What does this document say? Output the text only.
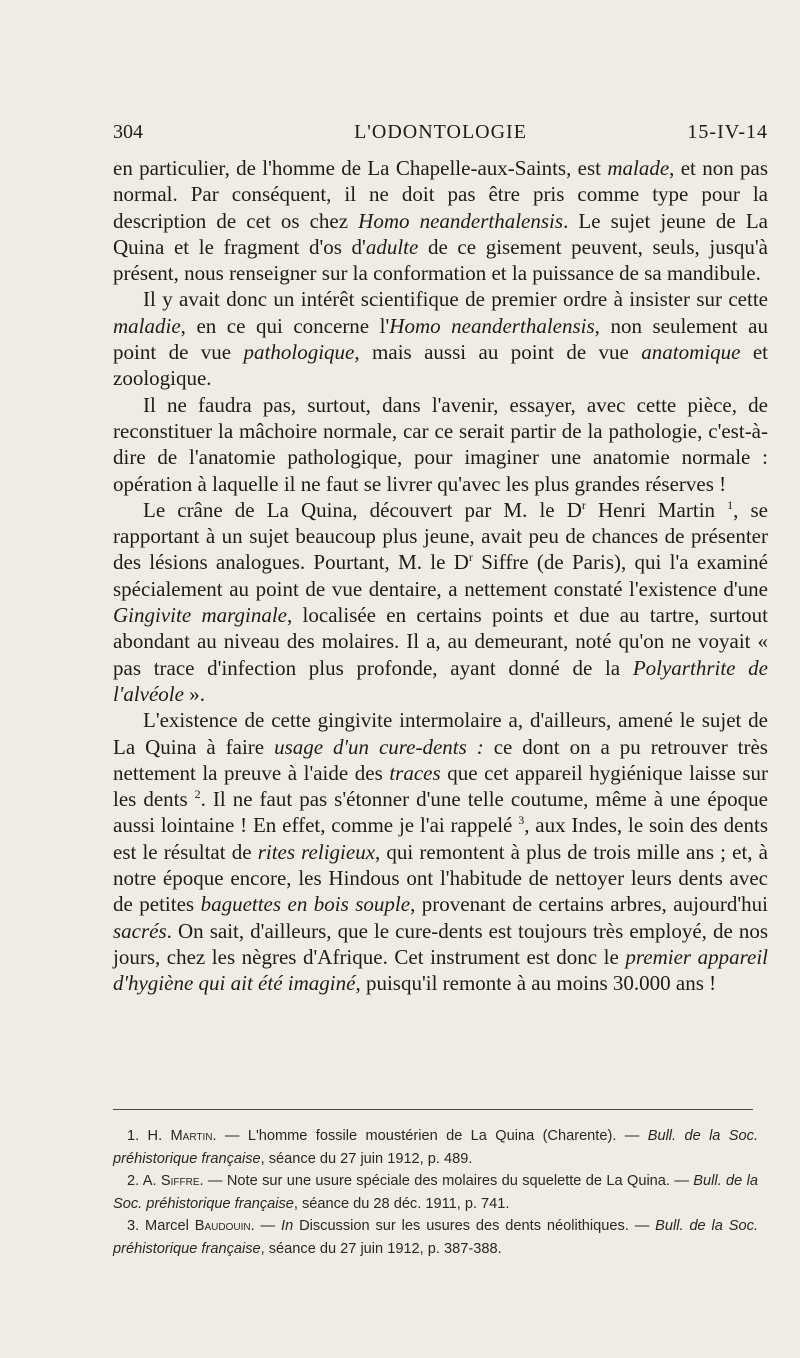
304	L'ODONTOLOGIE	15-IV-14

en particulier, de l'homme de La Chapelle-aux-Saints, est malade, et non pas normal. Par conséquent, il ne doit pas être pris comme type pour la description de cet os chez Homo neanderthalensis. Le sujet jeune de La Quina et le fragment d'os d'adulte de ce gisement peuvent, seuls, jusqu'à présent, nous renseigner sur la conformation et la puissance de sa mandibule.

Il y avait donc un intérêt scientifique de premier ordre à insister sur cette maladie, en ce qui concerne l'Homo neanderthalensis, non seulement au point de vue pathologique, mais aussi au point de vue anatomique et zoologique.

Il ne faudra pas, surtout, dans l'avenir, essayer, avec cette pièce, de reconstituer la mâchoire normale, car ce serait partir de la pathologie, c'est-à-dire de l'anatomie pathologique, pour imaginer une anatomie normale : opération à laquelle il ne faut se livrer qu'avec les plus grandes réserves !

Le crâne de La Quina, découvert par M. le $D^r$ Henri Martin $^1$, se rapportant à un sujet beaucoup plus jeune, avait peu de chances de présenter des lésions analogues. Pourtant, M. le $D^r$ Siffre (de Paris), qui l'a examiné spécialement au point de vue dentaire, a nettement constaté l'existence d'une Gingivite marginale, localisée en certains points et due au tartre, surtout abondant au niveau des molaires. Il a, au demeurant, noté qu'on ne voyait « pas trace d'infection plus profonde, ayant donné de la Polyarthrite de l'alvéole ».

L'existence de cette gingivite intermolaire a, d'ailleurs, amené le sujet de La Quina à faire usage d'un cure-dents : ce dont on a pu retrouver très nettement la preuve à l'aide des traces que cet appareil hygiénique laisse sur les dents $^2$. Il ne faut pas s'étonner d'une telle coutume, même à une époque aussi lointaine ! En effet, comme je l'ai rappelé $^3$, aux Indes, le soin des dents est le résultat de rites religieux, qui remontent à plus de trois mille ans ; et, à notre époque encore, les Hindous ont l'habitude de nettoyer leurs dents avec de petites baguettes en bois souple, provenant de certains arbres, aujourd'hui sacrés. On sait, d'ailleurs, que le cure-dents est toujours très employé, de nos jours, chez les nègres d'Afrique. Cet instrument est donc le premier appareil d'hygiène qui ait été imaginé, puisqu'il remonte à au moins 30.000 ans !

1. H. Martin. — L'homme fossile moustérien de La Quina (Charente). — Bull. de la Soc. préhistorique française, séance du 27 juin 1912, p. 489.

2. A. Siffre. — Note sur une usure spéciale des molaires du squelette de La Quina. — Bull. de la Soc. préhistorique française, séance du 28 déc. 1911, p. 741.

3. Marcel Baudouin. — In Discussion sur les usures des dents néolithiques. — Bull. de la Soc. préhistorique française, séance du 27 juin 1912, p. 387-388.
